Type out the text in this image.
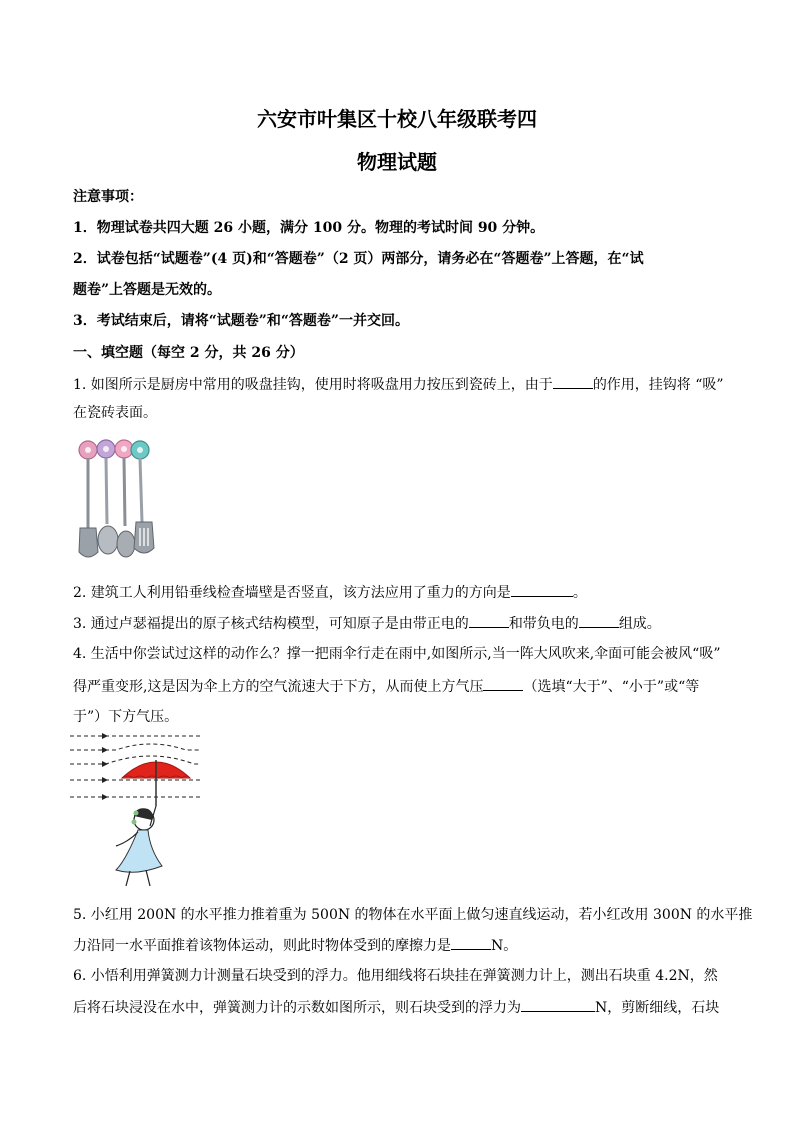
六安市叶集区十校八年级联考四
物理试题
注意事项：
1．物理试卷共四大题 26 小题，满分 100 分。物理的考试时间 90 分钟。
2．试卷包括“试题卷”(4 页)和“答题卷”（2 页）两部分，请务必在“答题卷”上答题，在“试
题卷”上答题是无效的。
3．考试结束后，请将“试题卷”和“答题卷”一并交回。
一、填空题（每空 2 分，共 26 分）
1. 如图所示是厨房中常用的吸盘挂钩，使用时将吸盘用力按压到瓷砖上，由于	的作用，挂钩将 “吸”
在瓷砖表面。
2. 建筑工人利用铅垂线检查墙壁是否竖直，该方法应用了重力的方向是	。
3. 通过卢瑟福提出的原子核式结构模型，可知原子是由带正电的	和带负电的	组成。
4. 生活中你尝试过这样的动作么？撑一把雨伞行走在雨中,如图所示,当一阵大风吹来,伞面可能会被风“吸”
得严重变形,这是因为伞上方的空气流速大于下方，从而使上方气压	（选填“大于”、“小于”或“等
于”）下方气压。
5. 小红用 200N 的水平推力推着重为 500N 的物体在水平面上做匀速直线运动，若小红改用 300N 的水平推
力沿同一水平面推着该物体运动，则此时物体受到的摩擦力是	N。
6. 小悟利用弹簧测力计测量石块受到的浮力。他用细线将石块挂在弹簧测力计上，测出石块重 4.2N，然
后将石块浸没在水中，弹簧测力计的示数如图所示，则石块受到的浮力为	N，剪断细线，石块
